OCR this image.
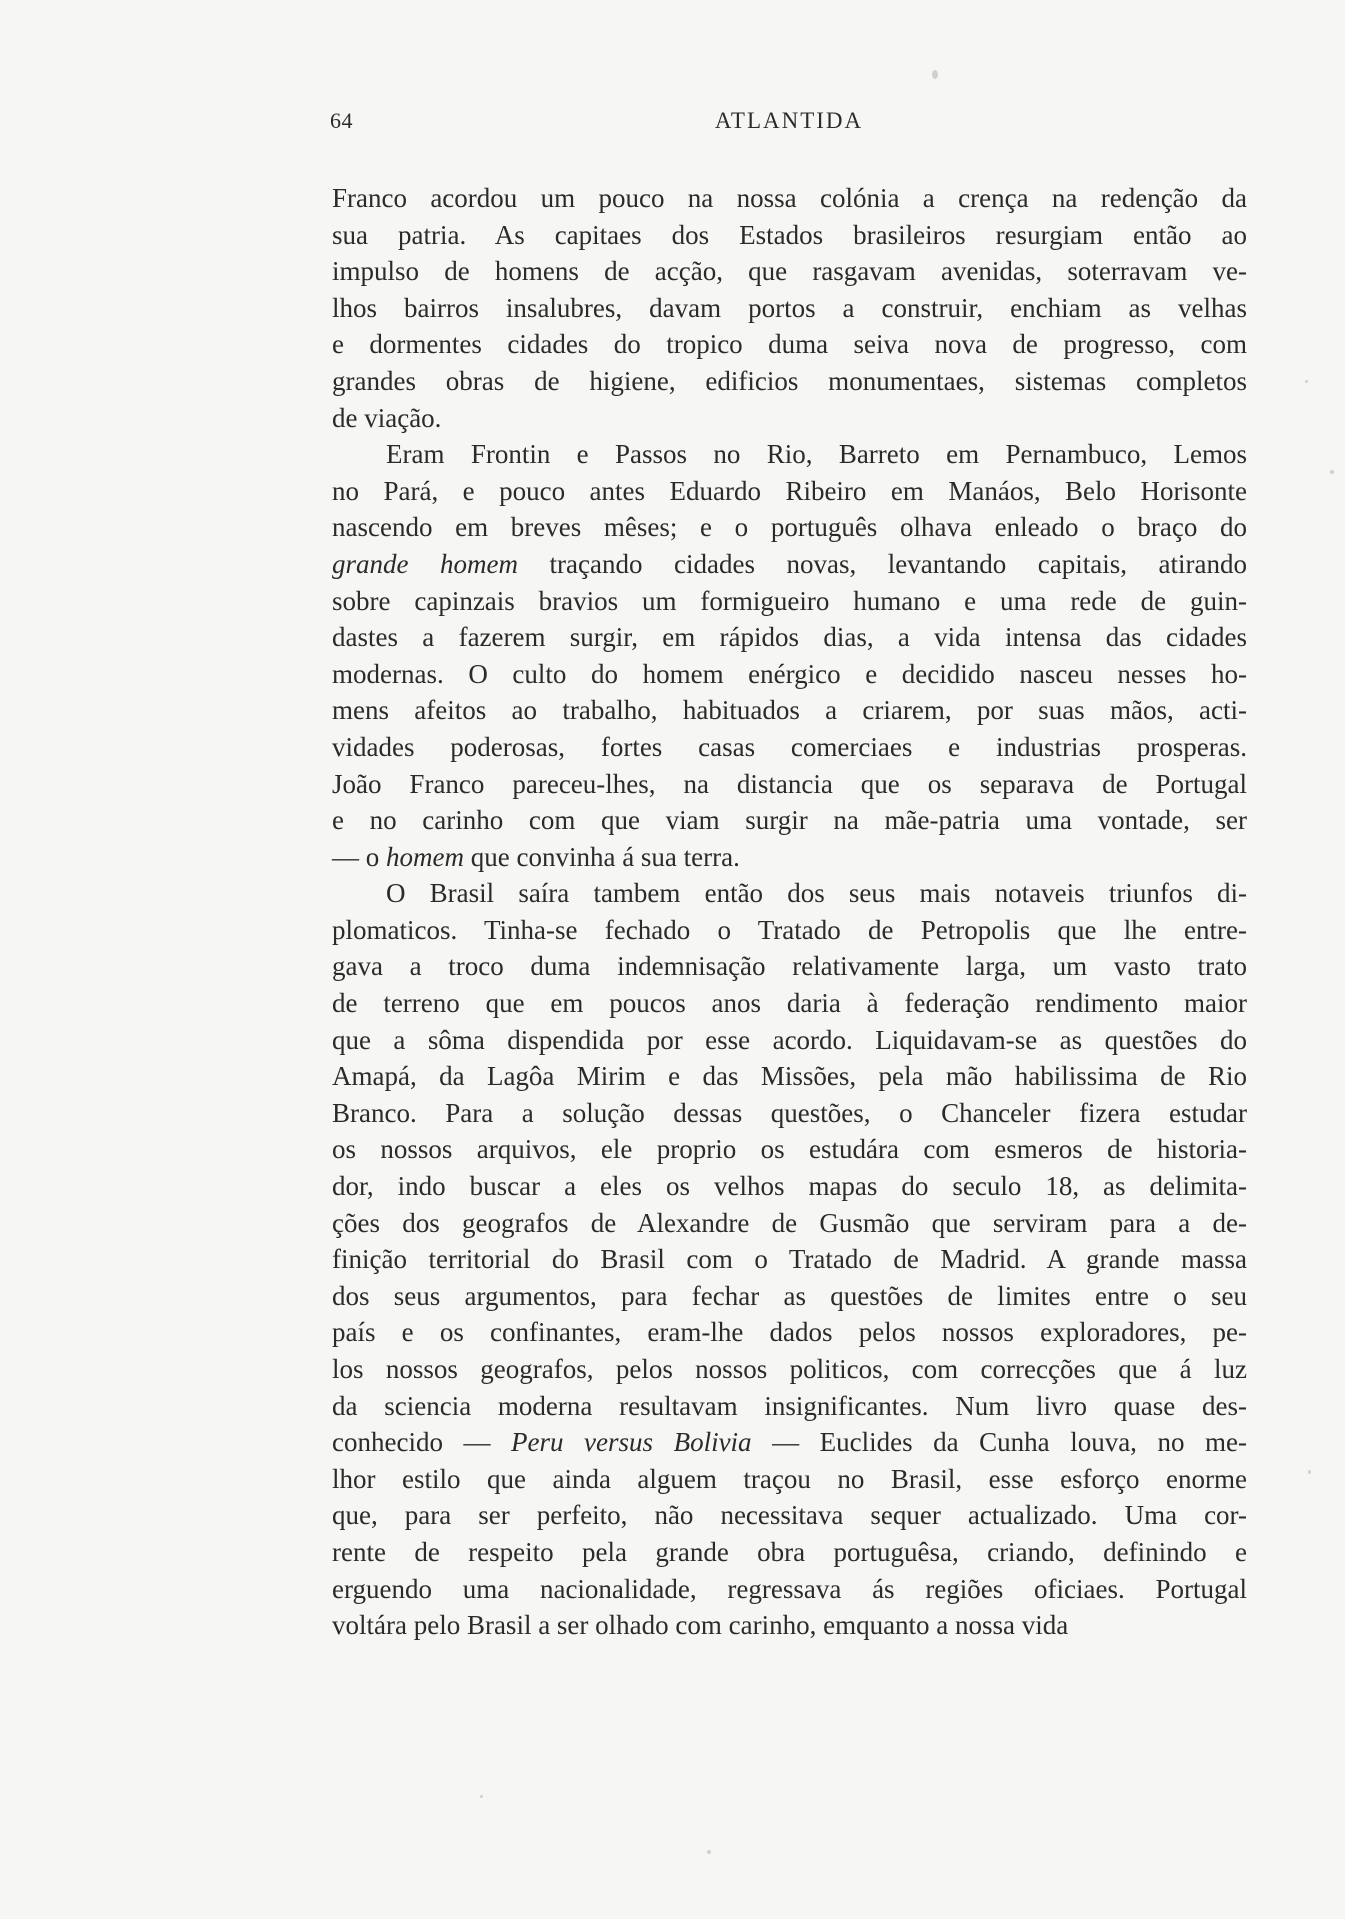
64	ATLANTIDA

Franco acordou um pouco na nossa colónia a crença na redenção da
sua patria. As capitaes dos Estados brasileiros resurgiam então ao
impulso de homens de acção, que rasgavam avenidas, soterravam ve-
lhos bairros insalubres, davam portos a construir, enchiam as velhas
e dormentes cidades do tropico duma seiva nova de progresso, com
grandes obras de higiene, edificios monumentaes, sistemas completos
de viação.

Eram Frontin e Passos no Rio, Barreto em Pernambuco, Lemos
no Pará, e pouco antes Eduardo Ribeiro em Manáos, Belo Horisonte
nascendo em breves mêses; e o português olhava enleado o braço do
grande homem traçando cidades novas, levantando capitais, atirando
sobre capinzais bravios um formigueiro humano e uma rede de guin-
dastes a fazerem surgir, em rápidos dias, a vida intensa das cidades
modernas. O culto do homem enérgico e decidido nasceu nesses ho-
mens afeitos ao trabalho, habituados a criarem, por suas mãos, acti-
vidades poderosas, fortes casas comerciaes e industrias prosperas.
João Franco pareceu-lhes, na distancia que os separava de Portugal
e no carinho com que viam surgir na mãe-patria uma vontade, ser
— o homem que convinha á sua terra.

O Brasil saíra tambem então dos seus mais notaveis triunfos di-
plomaticos. Tinha-se fechado o Tratado de Petropolis que lhe entre-
gava a troco duma indemnisação relativamente larga, um vasto trato
de terreno que em poucos anos daria à federação rendimento maior
que a sôma dispendida por esse acordo. Liquidavam-se as questões do
Amapá, da Lagôa Mirim e das Missões, pela mão habilissima de Rio
Branco. Para a solução dessas questões, o Chanceler fizera estudar
os nossos arquivos, ele proprio os estudára com esmeros de historia-
dor, indo buscar a eles os velhos mapas do seculo 18, as delimita-
ções dos geografos de Alexandre de Gusmão que serviram para a de-
finição territorial do Brasil com o Tratado de Madrid. A grande massa
dos seus argumentos, para fechar as questões de limites entre o seu
país e os confinantes, eram-lhe dados pelos nossos exploradores, pe-
los nossos geografos, pelos nossos politicos, com correcções que á luz
da sciencia moderna resultavam insignificantes. Num livro quase des-
conhecido — Peru versus Bolivia — Euclides da Cunha louva, no me-
lhor estilo que ainda alguem traçou no Brasil, esse esforço enorme
que, para ser perfeito, não necessitava sequer actualizado. Uma cor-
rente de respeito pela grande obra portuguêsa, criando, definindo e
erguendo uma nacionalidade, regressava ás regiões oficiaes. Portugal
voltára pelo Brasil a ser olhado com carinho, emquanto a nossa vida
